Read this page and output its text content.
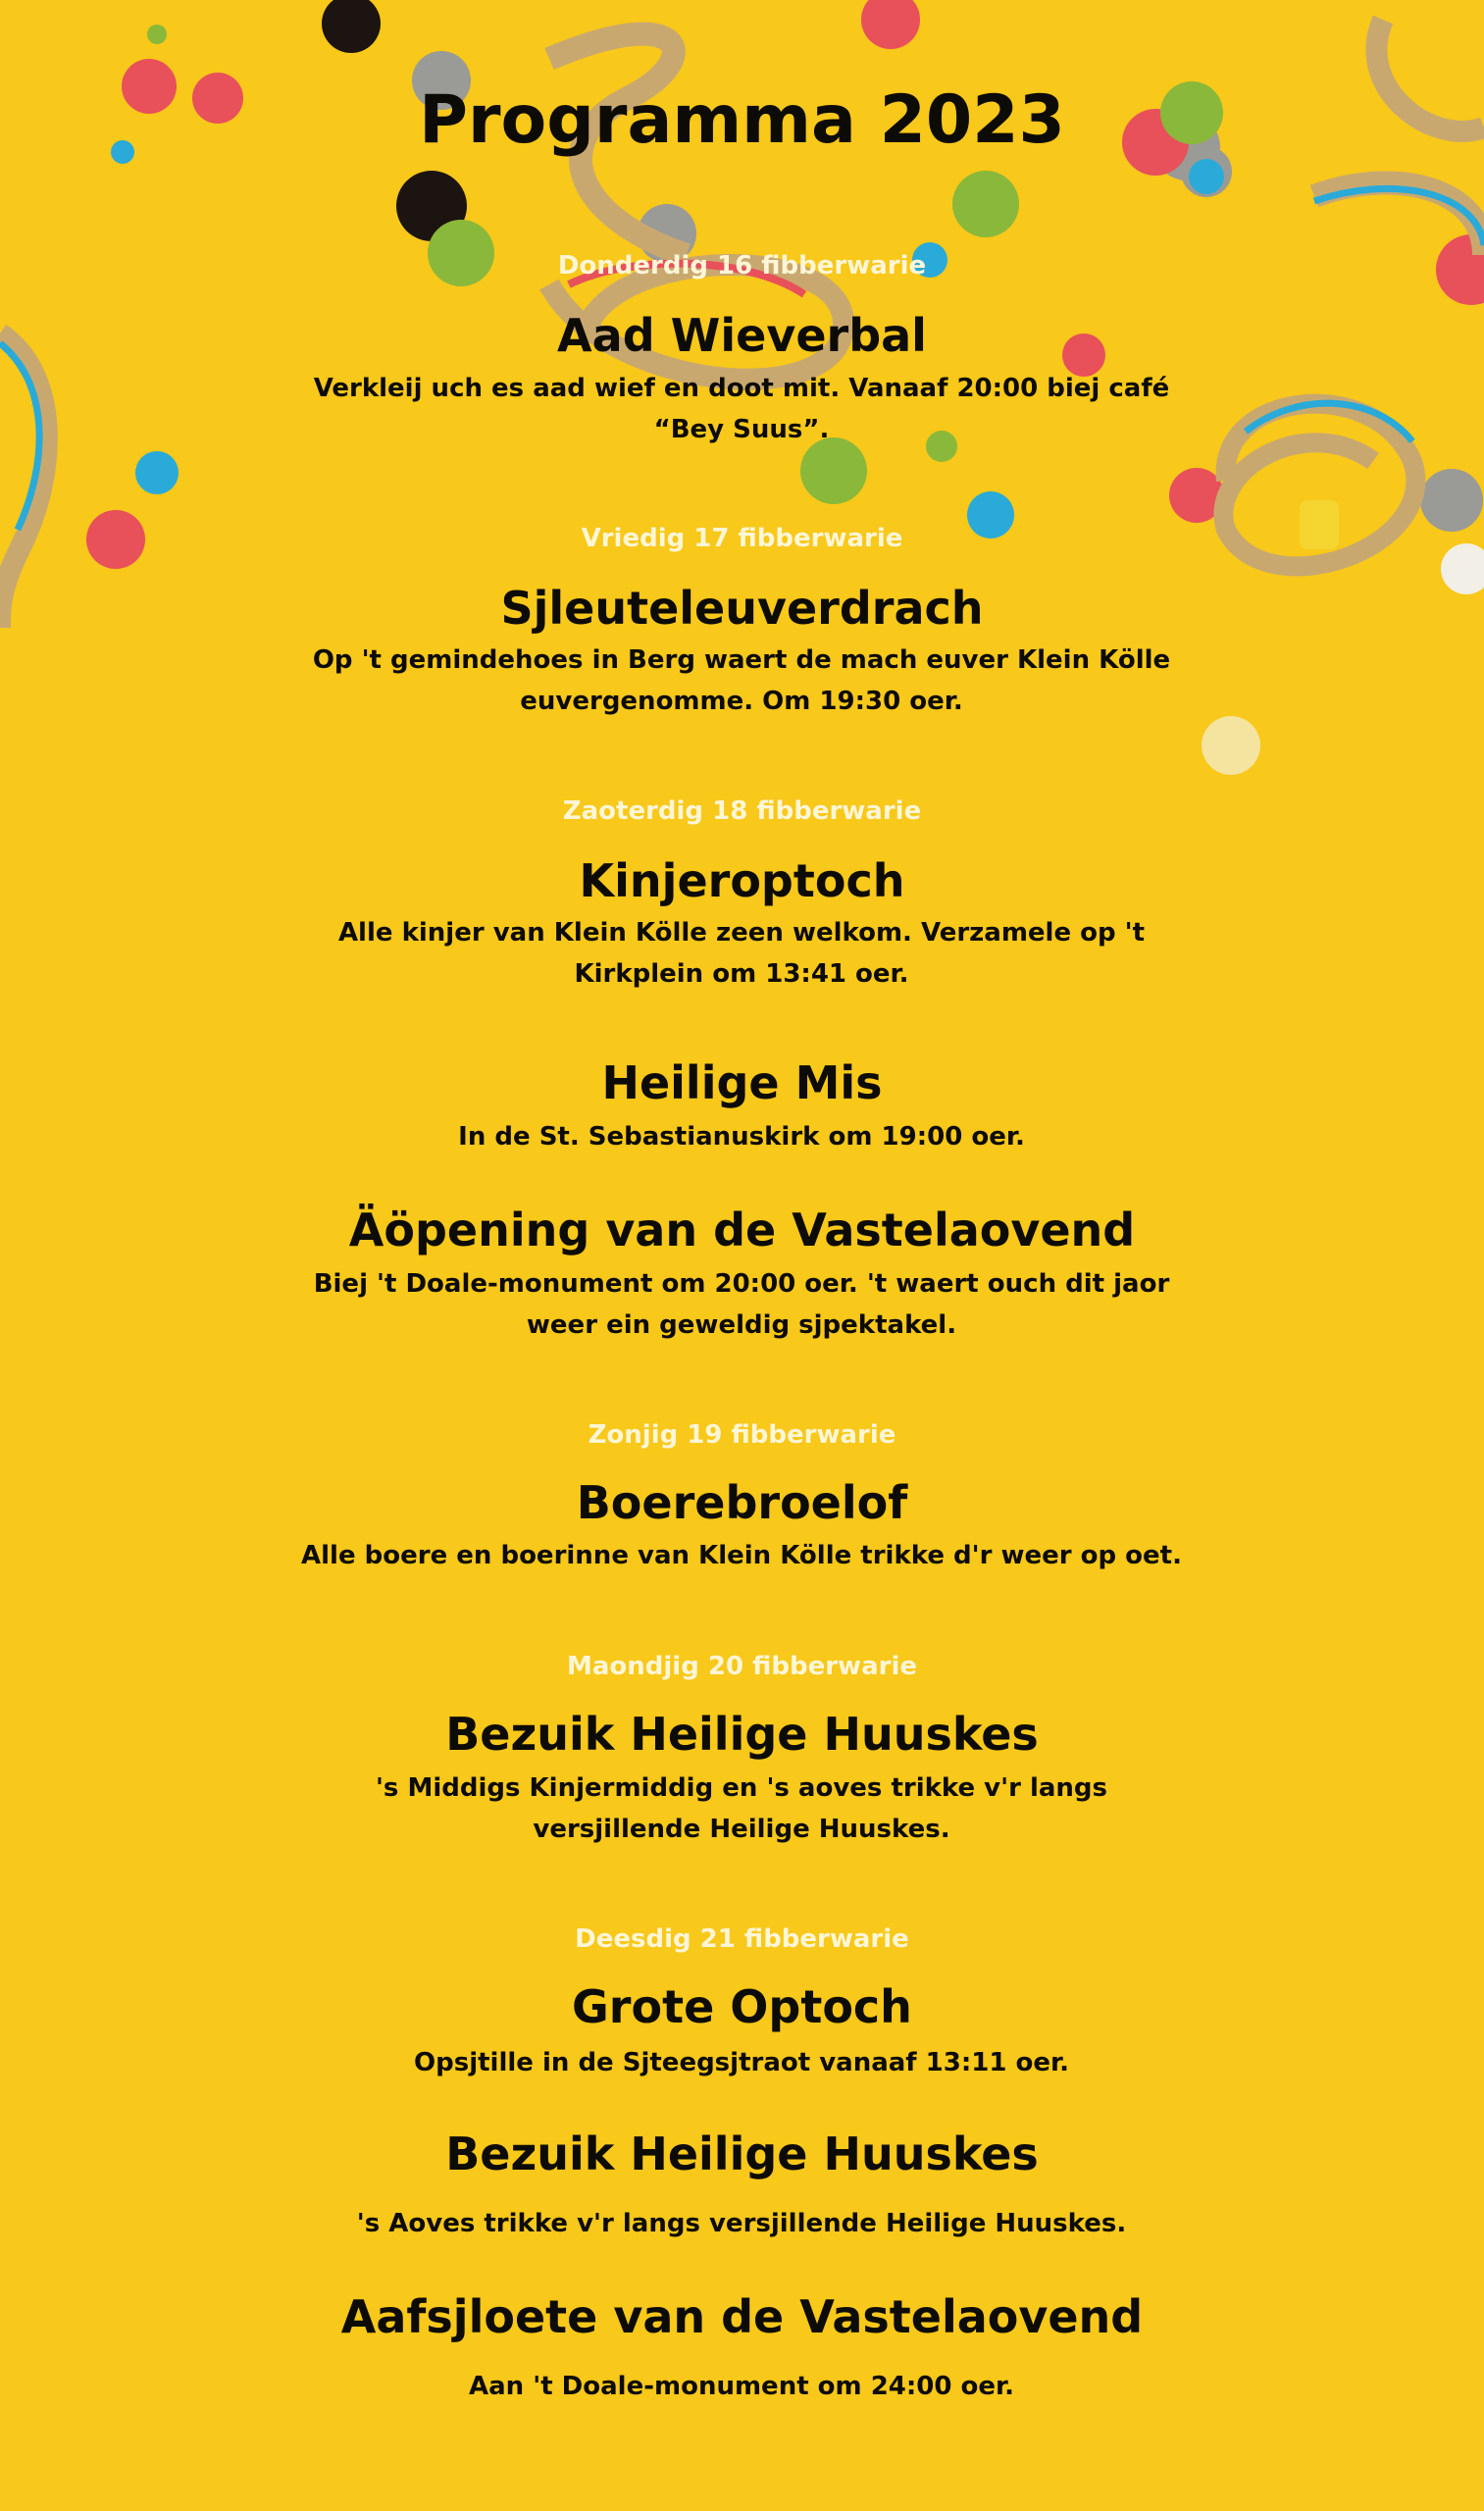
Programma 2023
Donderdig 16 fibberwarie
Aad Wieverbal
Verkleij uch es aad wief en doot mit. Vanaaf 20:00 biej café “Bey Suus”.
Vriedig 17 fibberwarie
Sjleuteleuverdrach
Op 't gemindehoes in Berg waert de mach euver Klein Kölle euvergenomme. Om 19:30 oer.
Zaoterdig 18 fibberwarie
Kinjeroptoch
Alle kinjer van Klein Kölle zeen welkom. Verzamele op 't Kirkplein om 13:41 oer.
Heilige Mis
In de St. Sebastianuskirk om 19:00 oer.
Äöpening van de Vastelaovend
Biej 't Doale-monument om 20:00 oer. 't waert ouch dit jaor weer ein geweldig sjpektakel.
Zonjig 19 fibberwarie
Boerebroelof
Alle boere en boerinne van Klein Kölle trikke d'r weer op oet.
Maondjig 20 fibberwarie
Bezuik Heilige Huuskes
's Middigs Kinjermiddig en 's aoves trikke v'r langs versjillende Heilige Huuskes.
Deesdig 21 fibberwarie
Grote Optoch
Opsjtille in de Sjteegsjtraot vanaaf 13:11 oer.
Bezuik Heilige Huuskes
's Aoves trikke v'r langs versjillende Heilige Huuskes.
Aafsjloete van de Vastelaovend
Aan 't Doale-monument om 24:00 oer.
